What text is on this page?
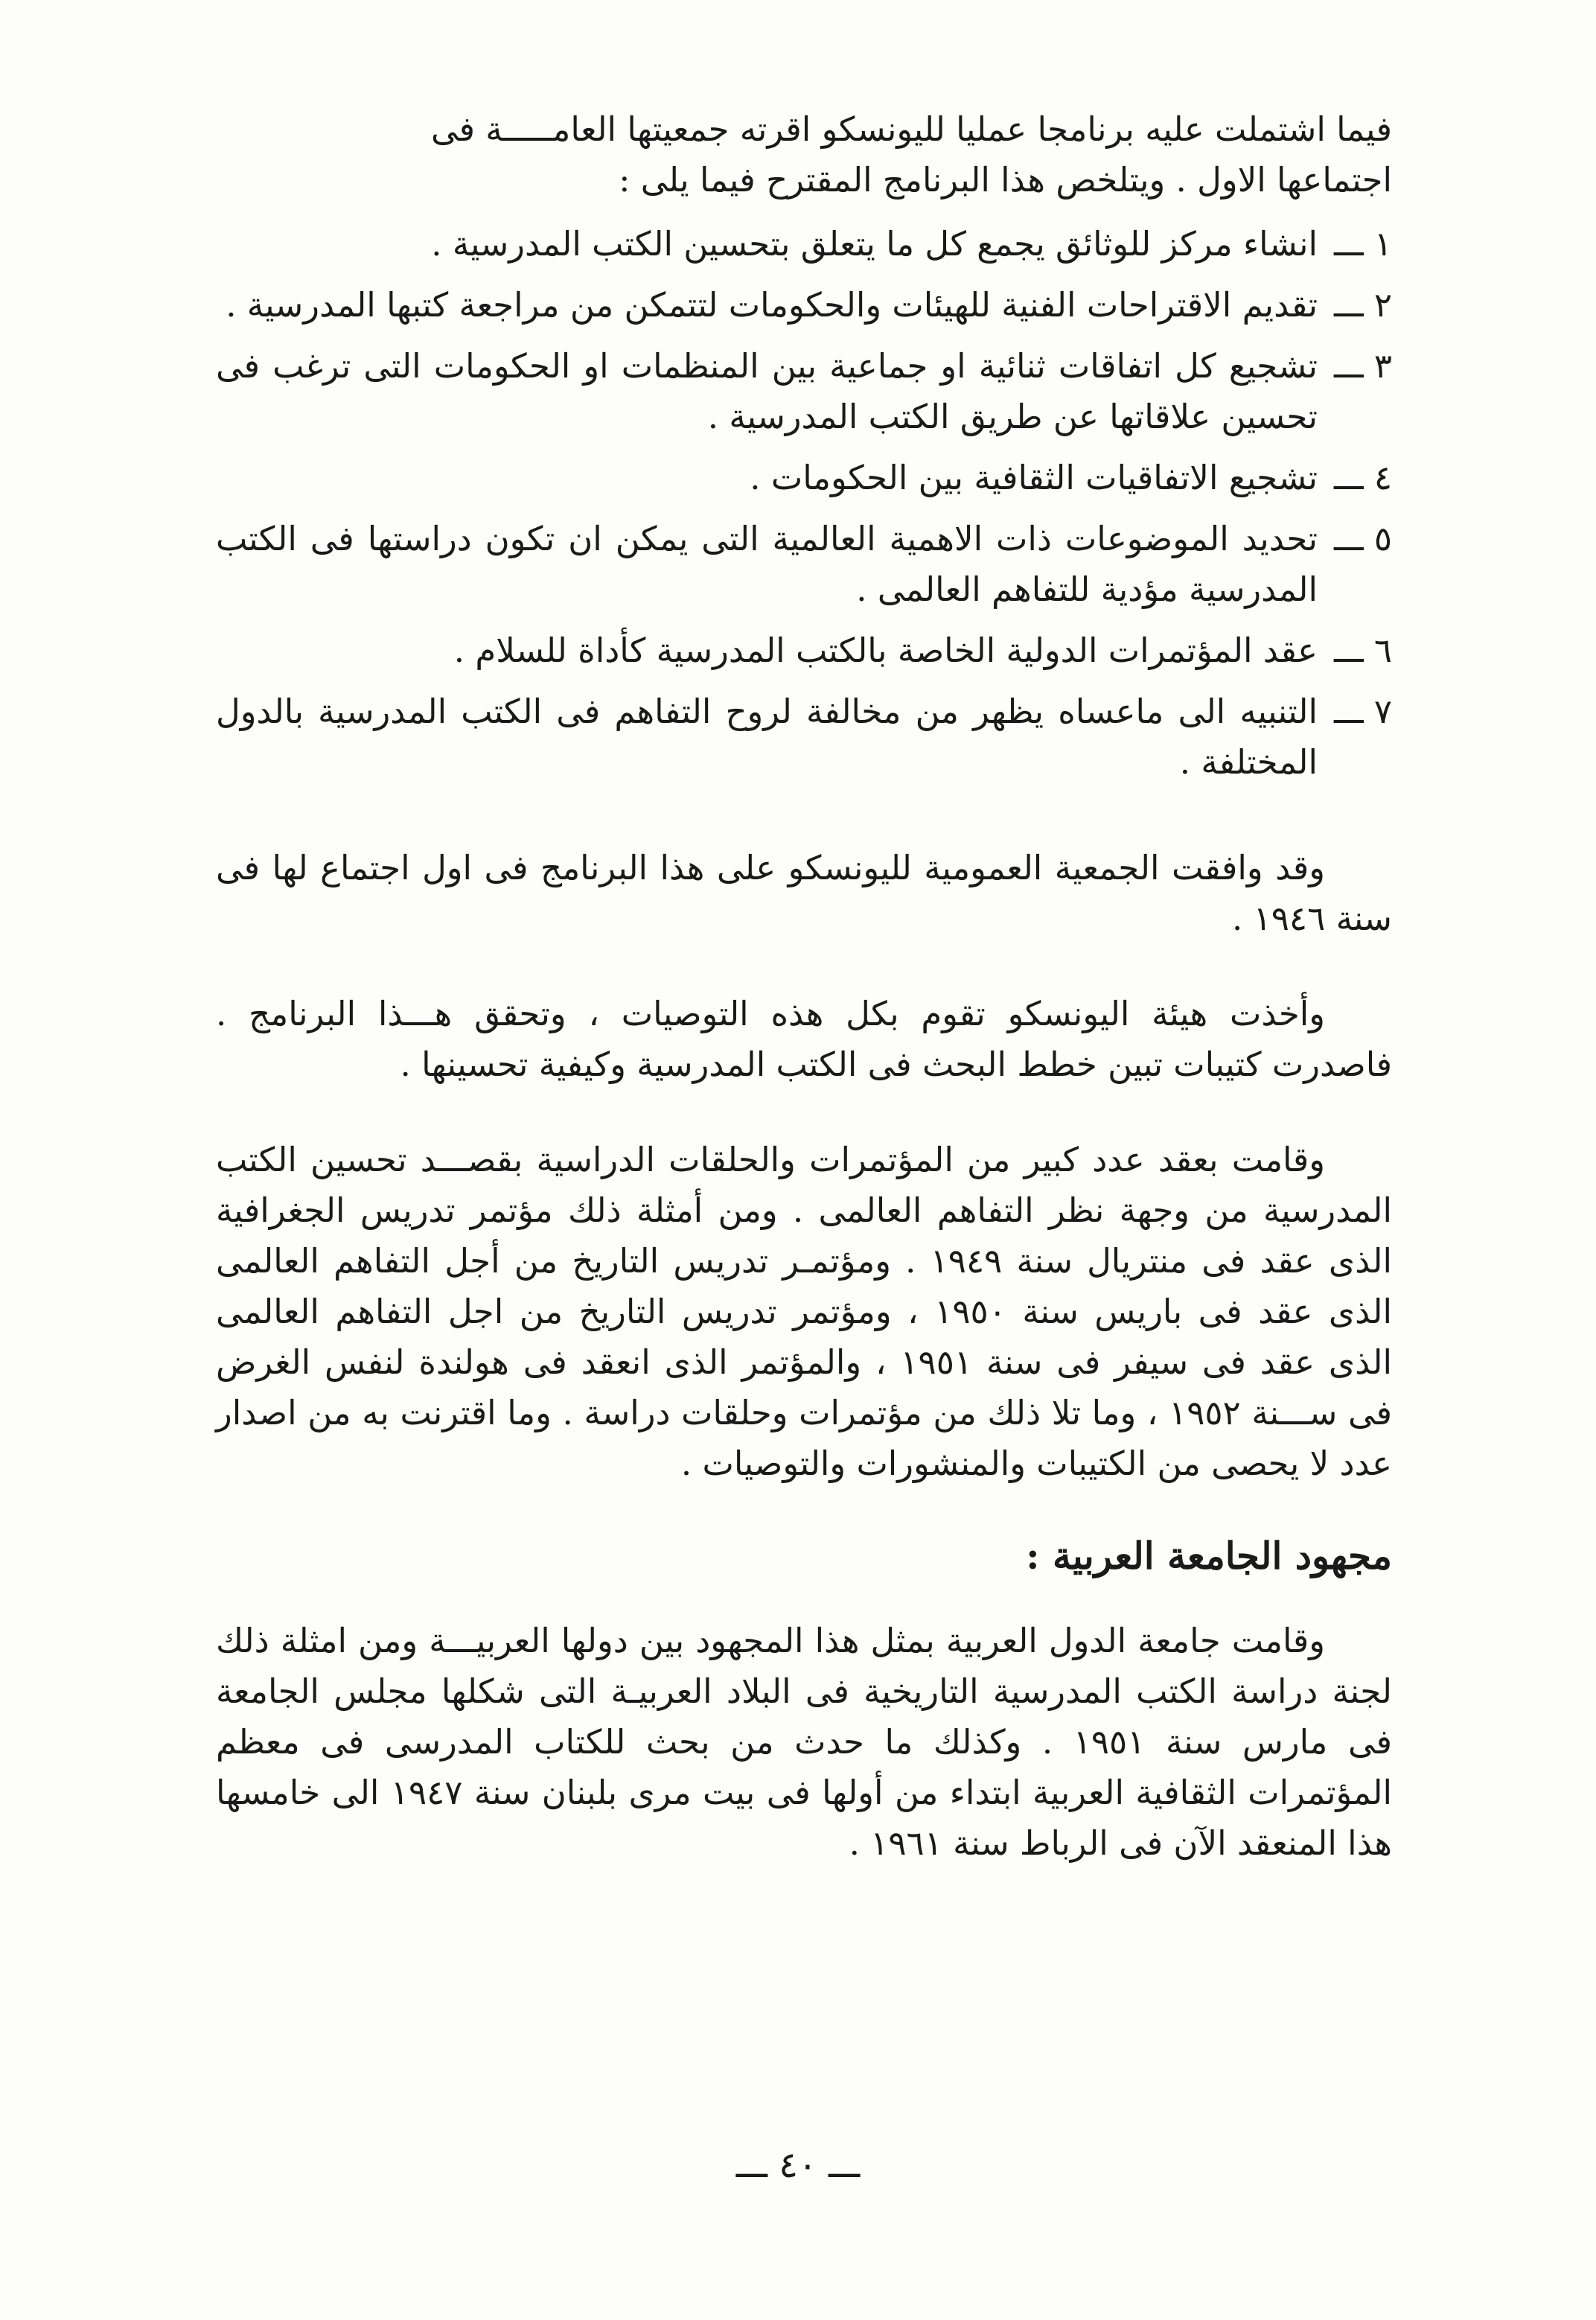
فيما اشتملت عليه برنامجا عمليا لليونسكو اقرته جمعيتها العامـــــة فى

اجتماعها الاول . ويتلخص هذا البرنامج المقترح فيما يلى :

١ ـــ
انشاء مركز للوثائق يجمع كل ما يتعلق بتحسين الكتب المدرسية .
٢ ـــ
تقديم الاقتراحات الفنية للهيئات والحكومات لتتمكن من مراجعة كتبها المدرسية .
٣ ـــ
تشجيع كل اتفاقات ثنائية او جماعية بين المنظمات او الحكومات التى ترغب فى تحسين علاقاتها عن طريق الكتب المدرسية .
٤ ـــ
تشجيع الاتفاقيات الثقافية بين الحكومات .
٥ ـــ
تحديد الموضوعات ذات الاهمية العالمية التى يمكن ان تكون دراستها فى الكتب المدرسية مؤدية للتفاهم العالمى .
٦ ـــ
عقد المؤتمرات الدولية الخاصة بالكتب المدرسية كأداة للسلام .
٧ ـــ
التنبيه الى ماعساه يظهر من مخالفة لروح التفاهم فى الكتب المدرسية بالدول المختلفة .

وقد وافقت الجمعية العمومية لليونسكو على هذا البرنامج فى اول اجتماع لها فى سنة ١٩٤٦ .

وأخذت هيئة اليونسكو تقوم بكل هذه التوصيات ، وتحقق هـــذا البرنامج . فاصدرت كتيبات تبين خطط البحث فى الكتب المدرسية وكيفية تحسينها .

وقامت بعقد عدد كبير من المؤتمرات والحلقات الدراسية بقصـــد تحسين الكتب المدرسية من وجهة نظر التفاهم العالمى . ومن أمثلة ذلك مؤتمر تدريس الجغرافية الذى عقد فى منتريال سنة ١٩٤٩ . ومؤتمـر تدريس التاريخ من أجل التفاهم العالمى الذى عقد فى باريس سنة ١٩٥٠ ، ومؤتمر تدريس التاريخ من اجل التفاهم العالمى الذى عقد فى سيفر فى سنة ١٩٥١ ، والمؤتمر الذى انعقد فى هولندة لنفس الغرض فى ســـنة ١٩٥٢ ، وما تلا ذلك من مؤتمرات وحلقات دراسة . وما اقترنت به من اصدار عدد لا يحصى من الكتيبات والمنشورات والتوصيات .

مجهود الجامعة العربية :

وقامت جامعة الدول العربية بمثل هذا المجهود بين دولها العربيـــة ومن امثلة ذلك لجنة دراسة الكتب المدرسية التاريخية فى البلاد العربيـة التى شكلها مجلس الجامعة فى مارس سنة ١٩٥١ . وكذلك ما حدث من بحث للكتاب المدرسى فى معظم المؤتمرات الثقافية العربية ابتداء من أولها فى بيت مرى بلبنان سنة ١٩٤٧ الى خامسها هذا المنعقد الآن فى الرباط سنة ١٩٦١ .

ـــ ٤٠ ـــ
